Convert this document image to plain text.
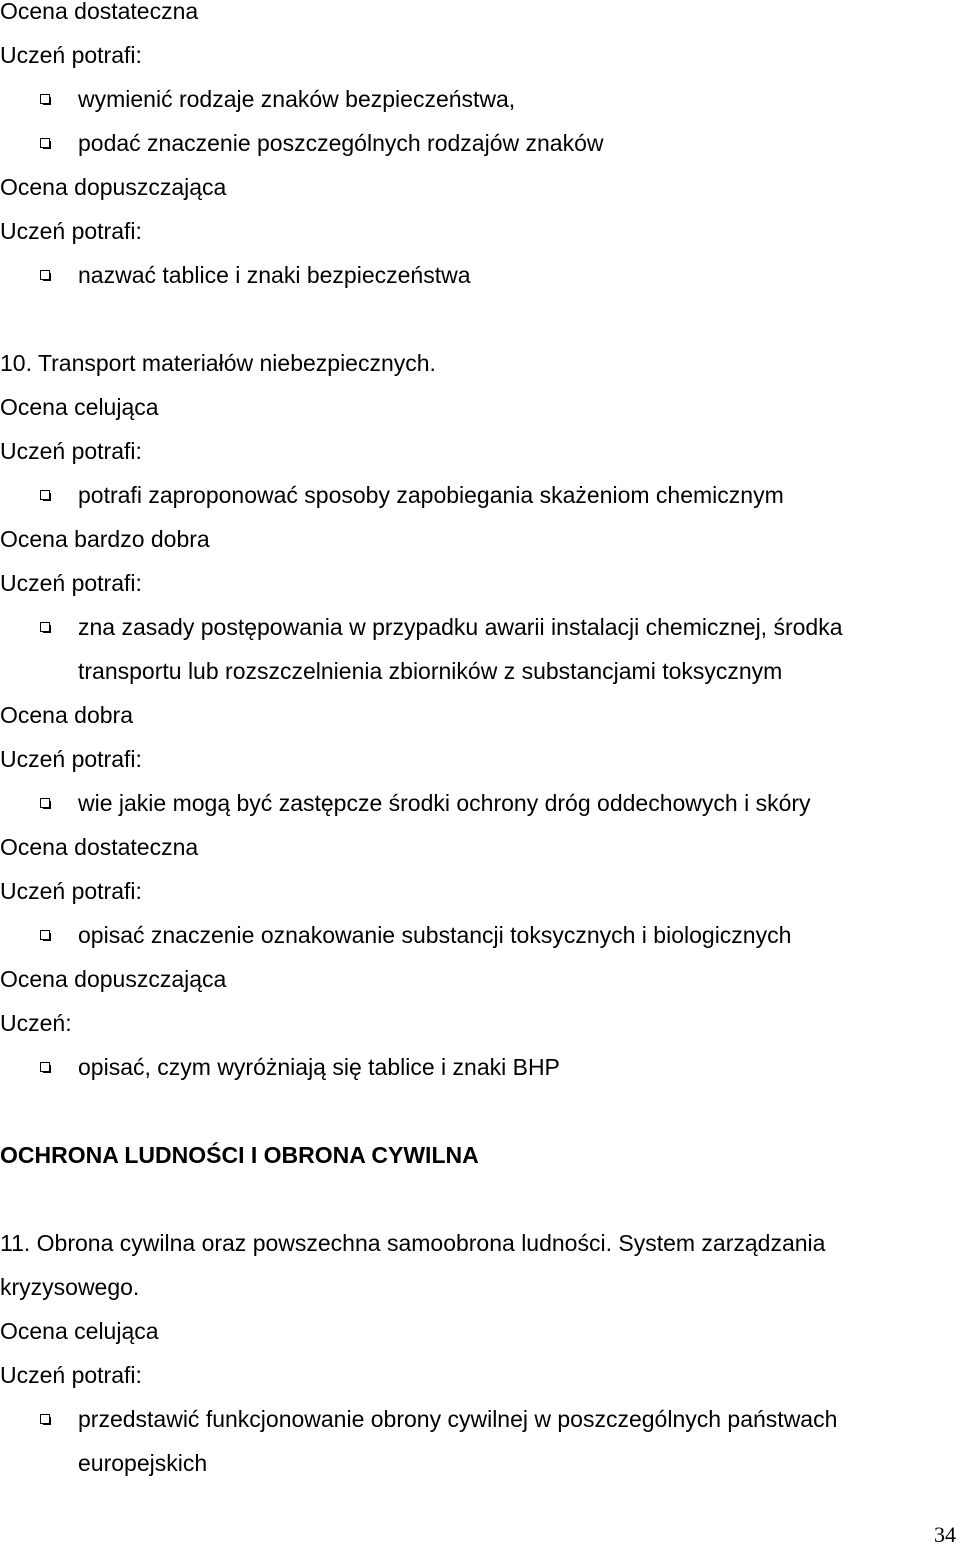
Ocena dostateczna
Uczeń potrafi:
wymienić rodzaje znaków bezpieczeństwa,
podać znaczenie poszczególnych rodzajów znaków
Ocena dopuszczająca
Uczeń potrafi:
nazwać tablice i znaki bezpieczeństwa
10. Transport materiałów niebezpiecznych.
Ocena celująca
Uczeń potrafi:
potrafi zaproponować sposoby zapobiegania skażeniom chemicznym
Ocena bardzo dobra
Uczeń potrafi:
zna zasady postępowania w przypadku awarii instalacji chemicznej, środka
transportu lub rozszczelnienia zbiorników z substancjami toksycznym
Ocena dobra
Uczeń potrafi:
wie jakie mogą być zastępcze środki ochrony dróg oddechowych i skóry
Ocena dostateczna
Uczeń potrafi:
opisać znaczenie oznakowanie substancji toksycznych i biologicznych
Ocena dopuszczająca
Uczeń:
opisać, czym wyróżniają się tablice i znaki BHP
OCHRONA LUDNOŚCI I OBRONA CYWILNA
11. Obrona cywilna oraz powszechna samoobrona ludności. System zarządzania
kryzysowego.
Ocena celująca
Uczeń potrafi:
przedstawić funkcjonowanie obrony cywilnej w poszczególnych państwach
europejskich
34
